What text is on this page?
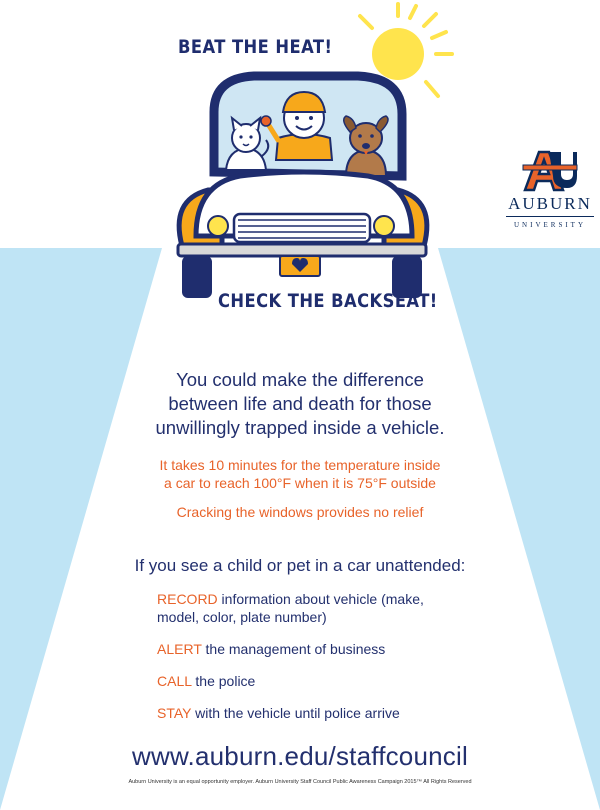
BEAT THE HEAT!
CHECK THE BACKSEAT!
AUBURN
UNIVERSITY
You could make the difference
between life and death for those
unwillingly trapped inside a vehicle.
It takes 10 minutes for the temperature inside
a car to reach 100°F when it is 75°F outside
Cracking the windows provides no relief
If you see a child or pet in a car unattended:
RECORD information about vehicle (make,
model, color, plate number)
ALERT the management of business
CALL the police
STAY with the vehicle until police arrive
www.auburn.edu/staffcouncil
Auburn University is an equal opportunity employer. Auburn University Staff Council Public Awareness Campaign 2015™ All Rights Reserved
